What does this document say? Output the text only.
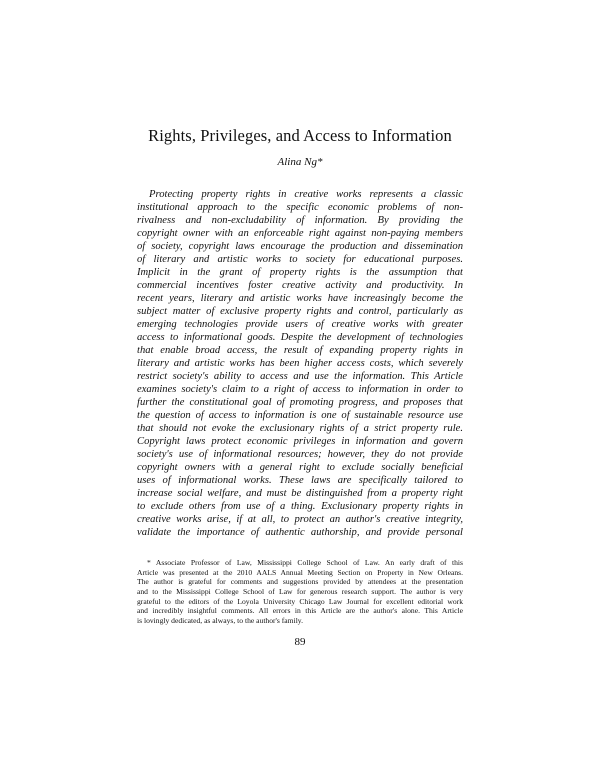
Rights, Privileges, and Access to Information
Alina Ng*
Protecting property rights in creative works represents a classic
institutional approach to the specific economic problems of non-
rivalness and non-excludability of information. By providing the
copyright owner with an enforceable right against non-paying members
of society, copyright laws encourage the production and dissemination
of literary and artistic works to society for educational purposes.
Implicit in the grant of property rights is the assumption that
commercial incentives foster creative activity and productivity. In
recent years, literary and artistic works have increasingly become the
subject matter of exclusive property rights and control, particularly as
emerging technologies provide users of creative works with greater
access to informational goods. Despite the development of technologies
that enable broad access, the result of expanding property rights in
literary and artistic works has been higher access costs, which severely
restrict society's ability to access and use the information. This Article
examines society's claim to a right of access to information in order to
further the constitutional goal of promoting progress, and proposes that
the question of access to information is one of sustainable resource use
that should not evoke the exclusionary rights of a strict property rule.
Copyright laws protect economic privileges in information and govern
society's use of informational resources; however, they do not provide
copyright owners with a general right to exclude socially beneficial
uses of informational works. These laws are specifically tailored to
increase social welfare, and must be distinguished from a property right
to exclude others from use of a thing. Exclusionary property rights in
creative works arise, if at all, to protect an author's creative integrity,
validate the importance of authentic authorship, and provide personal
* Associate Professor of Law, Mississippi College School of Law. An early draft of this
Article was presented at the 2010 AALS Annual Meeting Section on Property in New Orleans.
The author is grateful for comments and suggestions provided by attendees at the presentation
and to the Mississippi College School of Law for generous research support. The author is very
grateful to the editors of the Loyola University Chicago Law Journal for excellent editorial work
and incredibly insightful comments. All errors in this Article are the author's alone. This Article
is lovingly dedicated, as always, to the author's family.
89
